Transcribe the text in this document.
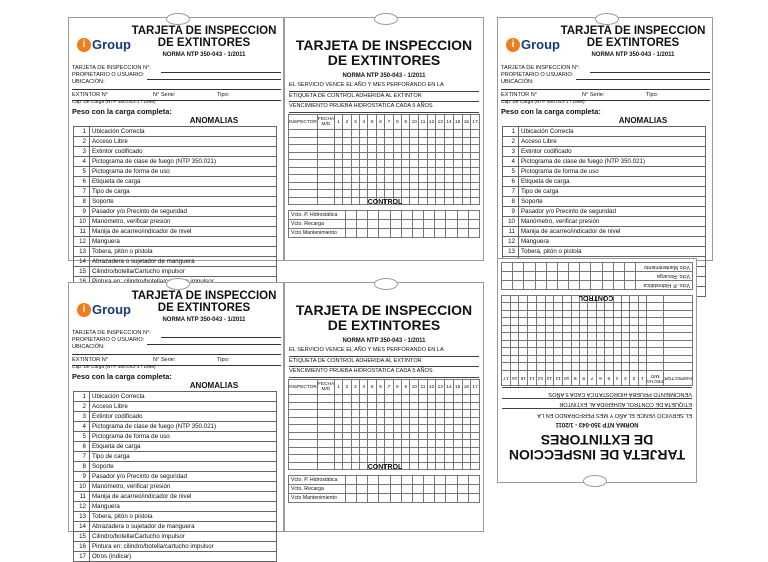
i Group
TARJETA DE INSPECCION
DE EXTINTORES
NORMA NTP 350-043 - 1/2011
TARJETA DE INSPECCION N°:
PROPIETARIO O USUARIO:
UBICACIÓN:
EXTINTOR N°	N° Serie:	Tipo:
Cap. De Carga (NTP 350.043-1 / 1998)
Peso con la carga completa:
ANOMALIAS
1	Ubicación Correcta
2	Acceso Libre
3	Extintor codificado
4	Pictograma de clase de fuego (NTP 350.021)
5	Pictograma de forma de uso
6	Etiqueta de carga
7	Tipo de carga
8	Soporte
9	Pasador y/o Precinto de seguridad
10	Manómetro, verificar presión
11	Manija de acarreo/indicador de nivel
12	Manguera
13	Tobera, pitón o pistola
14	Abrazadera o sujetador de manguera
15	Cilindro/botella/Cartucho impulsor

TARJETA DE INSPECCION
DE EXTINTORES
NORMA NTP 350-043 - 1/2011
EL SERVICIO VENCE EL AÑO Y MES PERFORANDO EN LA
ETIQUETA DE CONTROL ADHERIDA AL EXTINTOR
VENCIMIENTO PRUEBA HIDROSTATICA CADA 5 AÑOS
INSPECTOR	FECHA M/D	1	2	3	4	5	6	7	8	9	10	11	12	13	14	15	16	17

CONTROL
Vcto. P. Hidrostática												
Vcto. Recarga												
Vcto Mantenimiento												
i Group
TARJETA DE INSPECCION
DE EXTINTORES
NORMA NTP 350-043 - 1/2011
TARJETA DE INSPECCION N°:
PROPIETARIO O USUARIO:
UBICACIÓN:
EXTINTOR N°	N° Serie:	Tipo:
Cap. De Carga (NTP 350.043-1 / 1998)
Peso con la carga completa:
ANOMALIAS
1	Ubicación Correcta
2	Acceso Libre
3	Extintor codificado
4	Pictograma de clase de fuego (NTP 350.021)
5	Pictograma de forma de uso
6	Etiqueta de carga
7	Tipo de carga
8	Soporte
9	Pasador y/o Precinto de seguridad
10	Manómetro, verificar presión
11	Manija de acarreo/indicador de nivel
12	Manguera
13	Tobera, pitón o pistola

i Group
TARJETA DE INSPECCION
DE EXTINTORES
NORMA NTP 350-043 - 1/2011
TARJETA DE INSPECCION N°:
PROPIETARIO O USUARIO:
UBICACIÓN:
EXTINTOR N°	N° Serie:	Tipo:
Cap. De Carga (NTP 350.043-1 / 1998)
Peso con la carga completa:
ANOMALIAS
1	Ubicación Correcta
2	Acceso Libre
3	Extintor codificado
4	Pictograma de clase de fuego (NTP 350.021)
5	Pictograma de forma de uso
6	Etiqueta de carga
7	Tipo de carga
8	Soporte
9	Pasador y/o Precinto de seguridad
10	Manómetro, verificar presión
11	Manija de acarreo/indicador de nivel
12	Manguera
13	Tobera, pitón o pistola
14	Abrazadera o sujetador de manguera
15	Cilindro/botella/Cartucho impulsor
16	Pintura en: cilindro/botella/cartucho impulsor
17	Otros (indicar)
TARJETA DE INSPECCION
DE EXTINTORES
NORMA NTP 350-043 - 1/2011
EL SERVICIO VENCE EL AÑO Y MES PERFORANDO EN LA
ETIQUETA DE CONTROL ADHERIDA AL EXTINTOR
VENCIMIENTO PRUEBA HIDROSTATICA CADA 5 AÑOS
INSPECTOR	FECHA M/D	1	2	3	4	5	6	7	8	9	10	11	12	13	14	15	16	17

CONTROL
Vcto. P. Hidrostática												
Vcto. Recarga												
Vcto Mantenimiento												
TARJETA DE INSPECCION
DE EXTINTORES
NORMA NTP 350-043 - 1/2011
EL SERVICIO VENCE EL AÑO Y MES PERFORANDO EN LA
ETIQUETA DE CONTROL ADHERIDA AL EXTINTOR
VENCIMIENTO PRUEBA HIDROSTATICA CADA 5 AÑOS
INSPECTOR	FECHA M/D	1	2	3	4	5	6	7	8	9	10	11	12	13	14	15	16	17

CONTROL
Vcto. P. Hidrostática												
Vcto. Recarga												
Vcto Mantenimiento												
